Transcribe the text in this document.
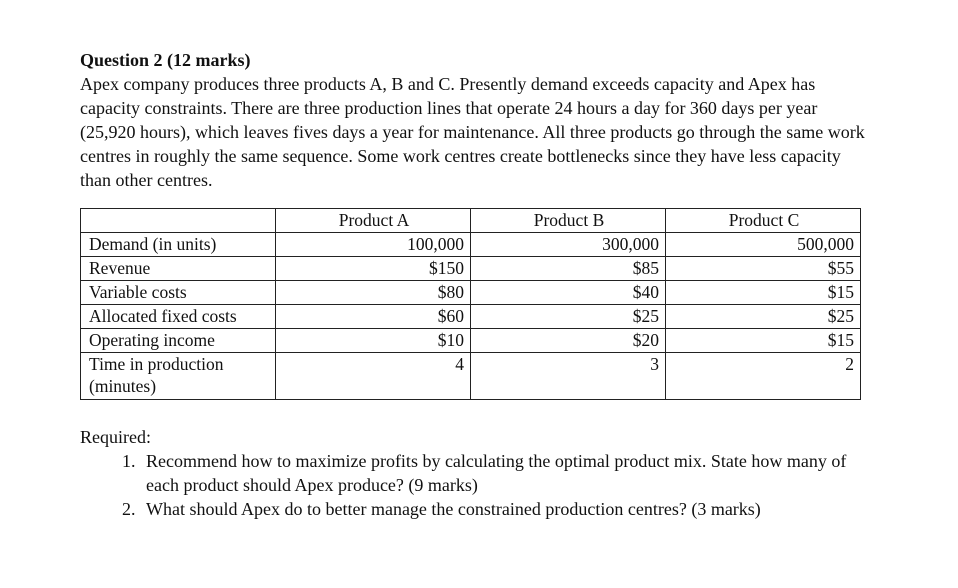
Question 2 (12 marks)

Apex company produces three products A, B and C. Presently demand exceeds capacity and Apex has capacity constraints. There are three production lines that operate 24 hours a day for 360 days per year (25,920 hours), which leaves fives days a year for maintenance. All three products go through the same work centres in roughly the same sequence. Some work centres create bottlenecks since they have less capacity than other centres.

	Product A	Product B	Product C
Demand (in units)	100,000	300,000	500,000
Revenue	$150	$85	$55
Variable costs	$80	$40	$15
Allocated fixed costs	$60	$25	$25
Operating income	$10	$20	$15
Time in production (minutes)	4	3	2

Required:

1. Recommend how to maximize profits by calculating the optimal product mix. State how many of each product should Apex produce? (9 marks)
2. What should Apex do to better manage the constrained production centres? (3 marks)
